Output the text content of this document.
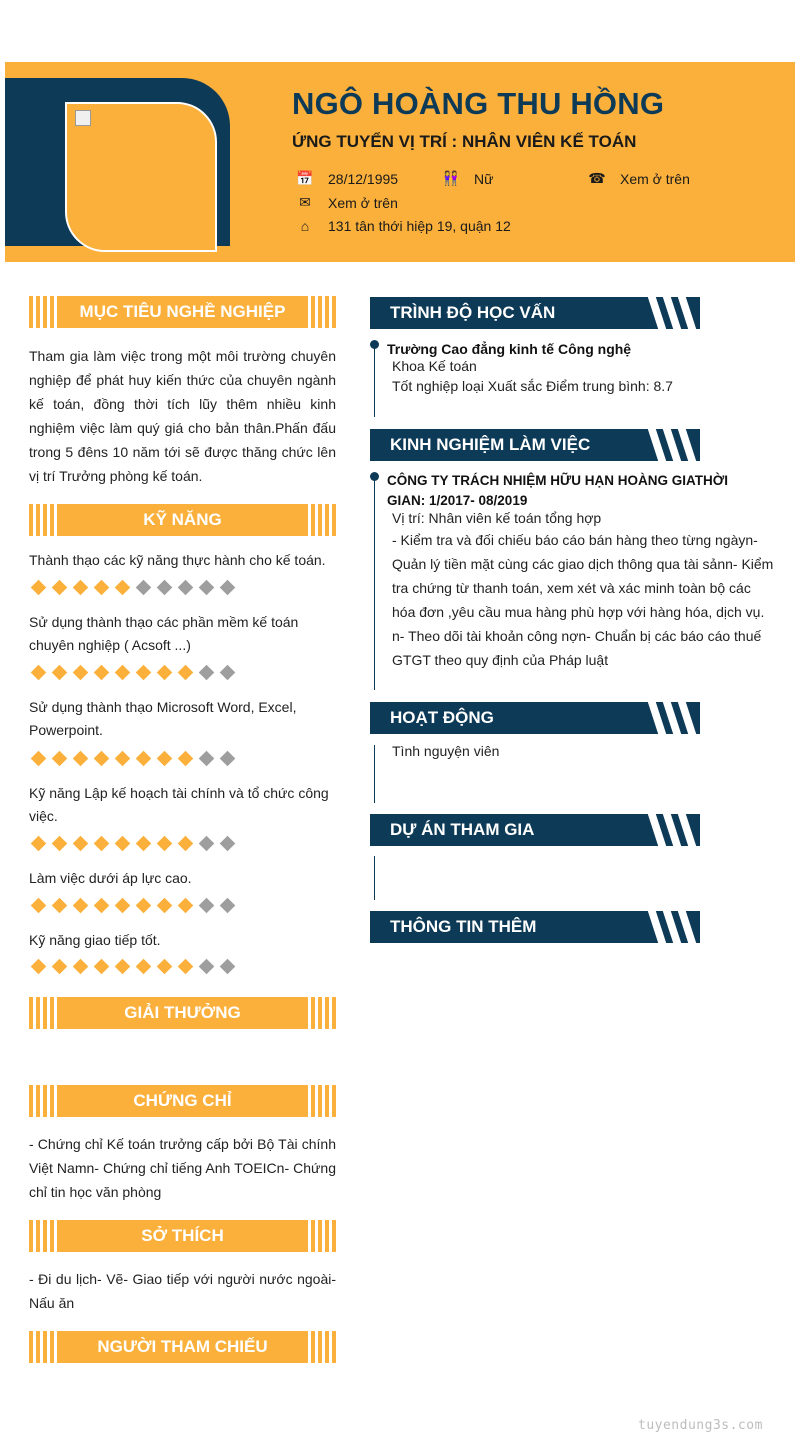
NGÔ HOÀNG THU HỒNG
ỨNG TUYỂN VỊ TRÍ : NHÂN VIÊN KẾ TOÁN
📅 28/12/1995	👭 Nữ	☎ Xem ở trên
✉ Xem ở trên
⌂	131 tân thới hiệp 19, quận 12
MỤC TIÊU NGHỀ NGHIỆP
Tham gia làm việc trong một môi trường chuyên nghiệp để phát huy kiến thức của chuyên ngành kế toán, đồng thời tích lũy thêm nhiều kinh nghiệm việc làm quý giá cho bản thân.Phấn đấu trong 5 đêns 10 năm tới sẽ được thăng chức lên vị trí Trưởng phòng kế toán.
KỸ NĂNG
Thành thạo các kỹ năng thực hành cho kế toán.
Sử dụng thành thạo các phần mềm kế toán chuyên nghiệp ( Acsoft ...)
Sử dụng thành thạo Microsoft Word, Excel, Powerpoint.
Kỹ năng Lập kế hoạch tài chính và tổ chức công việc.
Làm việc dưới áp lực cao.
Kỹ năng giao tiếp tốt.
GIẢI THƯỞNG
CHỨNG CHỈ
- Chứng chỉ Kế toán trưởng cấp bởi Bộ Tài chính Việt Namn- Chứng chỉ tiếng Anh TOEICn- Chứng chỉ tin học văn phòng
SỞ THÍCH
- Đi du lịch- Vẽ- Giao tiếp với người nước ngoài- Nấu ăn
NGƯỜI THAM CHIẾU
TRÌNH ĐỘ HỌC VẤN
Trường Cao đẳng kinh tế Công nghệ
Khoa Kế toán
Tốt nghiệp loại Xuất sắc Điểm trung bình: 8.7
KINH NGHIỆM LÀM VIỆC
CÔNG TY TRÁCH NHIỆM HỮU HẠN HOÀNG GIATHỜI GIAN: 1/2017- 08/2019
Vị trí: Nhân viên kế toán tổng hợp
- Kiểm tra và đối chiếu báo cáo bán hàng theo từng ngàyn- Quản lý tiền mặt cùng các giao dịch thông qua tài sảnn- Kiểm tra chứng từ thanh toán, xem xét và xác minh toàn bộ các hóa đơn ,yêu cầu mua hàng phù hợp với hàng hóa, dịch vụ. n- Theo dõi tài khoản công nợn- Chuẩn bị các báo cáo thuế GTGT theo quy định của Pháp luật
HOẠT ĐỘNG
Tình nguyện viên
DỰ ÁN THAM GIA
THÔNG TIN THÊM
tuyendung3s.com
